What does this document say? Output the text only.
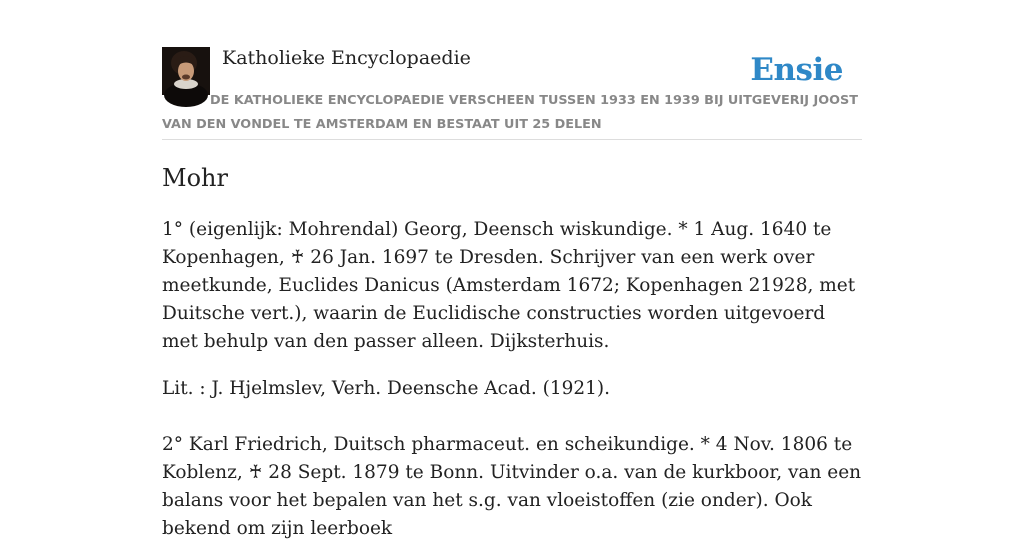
Katholieke Encyclopaedie	Ensie

DE KATHOLIEKE ENCYCLOPAEDIE VERSCHEEN TUSSEN 1933 EN 1939 BIJ UITGEVERIJ JOOST VAN DEN VONDEL TE AMSTERDAM EN BESTAAT UIT 25 DELEN

Mohr

1° (eigenlijk: Mohrendal) Georg, Deensch wiskundige. * 1 Aug. 1640 te Kopenhagen, ♰ 26 Jan. 1697 te Dresden. Schrijver van een werk over meetkunde, Euclides Danicus (Amsterdam 1672; Kopenhagen 21928, met Duitsche vert.), waarin de Euclidische constructies worden uitgevoerd met behulp van den passer alleen. Dijksterhuis.

Lit. : J. Hjelmslev, Verh. Deensche Acad. (1921).

2° Karl Friedrich, Duitsch pharmaceut. en scheikundige. * 4 Nov. 1806 te Koblenz, ♰ 28 Sept. 1879 te Bonn. Uitvinder o.a. van de kurkboor, van een balans voor het bepalen van het s.g. van vloeistoffen (zie onder). Ook bekend om zijn leerboek
